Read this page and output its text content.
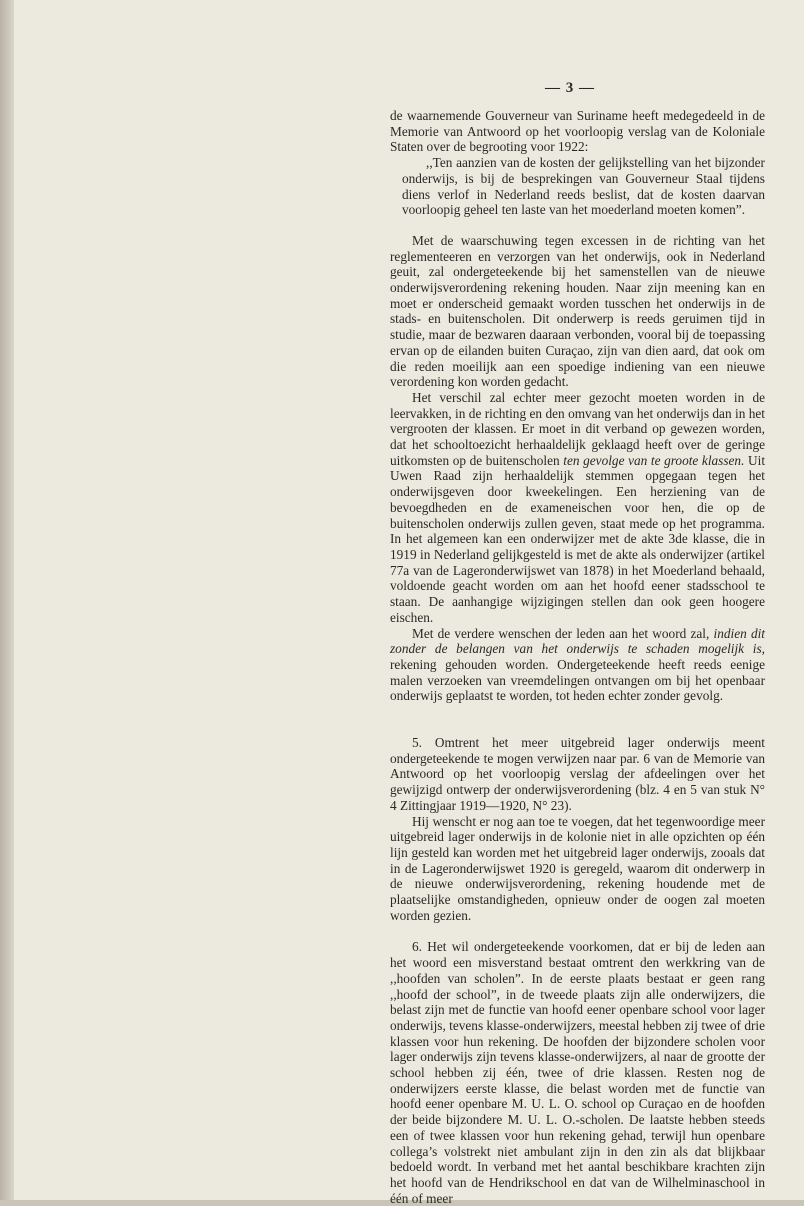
— 3 —

de waarnemende Gouverneur van Suriname heeft medegedeeld in de Memorie van Antwoord op het voorloopig verslag van de Koloniale Staten over de begrooting voor 1922:

,,Ten aanzien van de kosten der gelijkstelling van het bijzonder onderwijs, is bij de besprekingen van Gouverneur Staal tijdens diens verlof in Nederland reeds beslist, dat de kosten daarvan voorloopig geheel ten laste van het moederland moeten komen”.

Met de waarschuwing tegen excessen in de richting van het reglementeeren en verzorgen van het onderwijs, ook in Nederland geuit, zal ondergeteekende bij het samenstellen van de nieuwe onderwijsverordening rekening houden. Naar zijn meening kan en moet er onderscheid gemaakt worden tusschen het onderwijs in de stads- en buitenscholen. Dit onderwerp is reeds geruimen tijd in studie, maar de bezwaren daaraan verbonden, vooral bij de toepassing ervan op de eilanden buiten Curaçao, zijn van dien aard, dat ook om die reden moeilijk aan een spoedige indiening van een nieuwe verordening kon worden gedacht.

Het verschil zal echter meer gezocht moeten worden in de leervakken, in de richting en den omvang van het onderwijs dan in het vergrooten der klassen. Er moet in dit verband op gewezen worden, dat het schooltoezicht herhaaldelijk geklaagd heeft over de geringe uitkomsten op de buitenscholen ten gevolge van te groote klassen. Uit Uwen Raad zijn herhaaldelijk stemmen opgegaan tegen het onderwijsgeven door kweekelingen. Een herziening van de bevoegdheden en de exameneischen voor hen, die op de buitenscholen onderwijs zullen geven, staat mede op het programma. In het algemeen kan een onderwijzer met de akte 3de klasse, die in 1919 in Nederland gelijkgesteld is met de akte als onderwijzer (artikel 77a van de Lageronderwijswet van 1878) in het Moederland behaald, voldoende geacht worden om aan het hoofd eener stadsschool te staan. De aanhangige wijzigingen stellen dan ook geen hoogere eischen.

Met de verdere wenschen der leden aan het woord zal, indien dit zonder de belangen van het onderwijs te schaden mogelijk is, rekening gehouden worden. Ondergeteekende heeft reeds eenige malen verzoeken van vreemdelingen ontvangen om bij het openbaar onderwijs geplaatst te worden, tot heden echter zonder gevolg.

5. Omtrent het meer uitgebreid lager onderwijs meent ondergeteekende te mogen verwijzen naar par. 6 van de Memorie van Antwoord op het voorloopig verslag der afdeelingen over het gewijzigd ontwerp der onderwijsverordening (blz. 4 en 5 van stuk N° 4 Zittingjaar 1919—1920, N° 23).

Hij wenscht er nog aan toe te voegen, dat het tegenwoordige meer uitgebreid lager onderwijs in de kolonie niet in alle opzichten op één lijn gesteld kan worden met het uitgebreid lager onderwijs, zooals dat in de Lageronderwijswet 1920 is geregeld, waarom dit onderwerp in de nieuwe onderwijsverordening, rekening houdende met de plaatselijke omstandigheden, opnieuw onder de oogen zal moeten worden gezien.

6. Het wil ondergeteekende voorkomen, dat er bij de leden aan het woord een misverstand bestaat omtrent den werkkring van de ,,hoofden van scholen”. In de eerste plaats bestaat er geen rang ,,hoofd der school”, in de tweede plaats zijn alle onderwijzers, die belast zijn met de functie van hoofd eener openbare school voor lager onderwijs, tevens klasse-onderwijzers, meestal hebben zij twee of drie klassen voor hun rekening. De hoofden der bijzondere scholen voor lager onderwijs zijn tevens klasse-onderwijzers, al naar de grootte der school hebben zij één, twee of drie klassen. Resten nog de onderwijzers eerste klasse, die belast worden met de functie van hoofd eener openbare M. U. L. O. school op Curaçao en de hoofden der beide bijzondere M. U. L. O.-scholen. De laatste hebben steeds een of twee klassen voor hun rekening gehad, terwijl hun openbare collega’s volstrekt niet ambulant zijn in den zin als dat blijkbaar bedoeld wordt. In verband met het aantal beschikbare krachten zijn het hoofd van de Hendrikschool en dat van de Wilhelminaschool in één of meer
